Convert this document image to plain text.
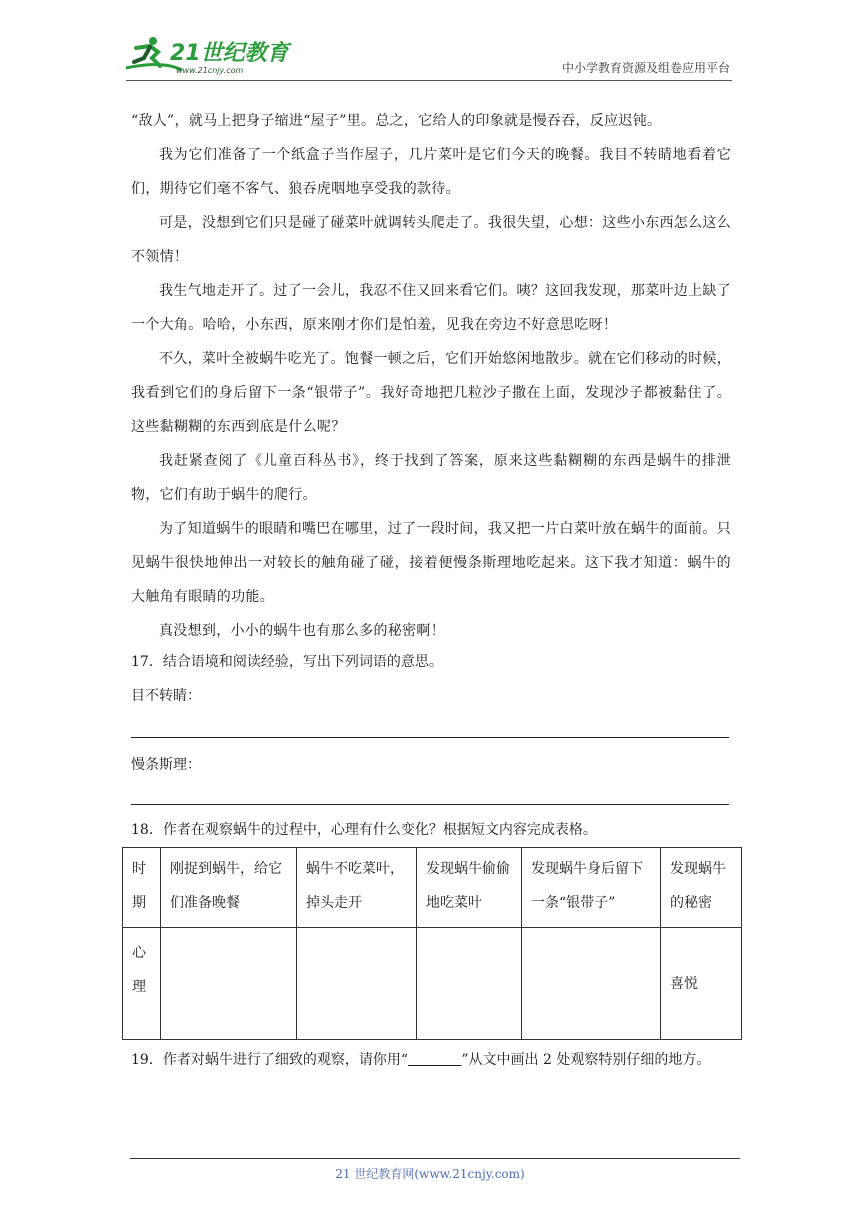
21世纪教育
www.21cnjy.com	中小学教育资源及组卷应用平台

“敌人”，就马上把身子缩进“屋子”里。总之，它给人的印象就是慢吞吞，反应迟钝。

我为它们准备了一个纸盒子当作屋子，几片菜叶是它们今天的晚餐。我目不转睛地看着它们，期待它们毫不客气、狼吞虎咽地享受我的款待。

可是，没想到它们只是碰了碰菜叶就调转头爬走了。我很失望，心想：这些小东西怎么这么不领情！

我生气地走开了。过了一会儿，我忍不住又回来看它们。咦？这回我发现，那菜叶边上缺了一个大角。哈哈，小东西，原来刚才你们是怕羞，见我在旁边不好意思吃呀！

不久，菜叶全被蜗牛吃光了。饱餐一顿之后，它们开始悠闲地散步。就在它们移动的时候，我看到它们的身后留下一条“银带子”。我好奇地把几粒沙子撒在上面，发现沙子都被黏住了。这些黏糊糊的东西到底是什么呢？

我赶紧查阅了《儿童百科丛书》，终于找到了答案，原来这些黏糊糊的东西是蜗牛的排泄物，它们有助于蜗牛的爬行。

为了知道蜗牛的眼睛和嘴巴在哪里，过了一段时间，我又把一片白菜叶放在蜗牛的面前。只见蜗牛很快地伸出一对较长的触角碰了碰，接着便慢条斯理地吃起来。这下我才知道：蜗牛的大触角有眼睛的功能。

真没想到，小小的蜗牛也有那么多的秘密啊！

17．结合语境和阅读经验，写出下列词语的意思。

目不转睛：

慢条斯理：

18．作者在观察蜗牛的过程中，心理有什么变化？根据短文内容完成表格。

时期	刚捉到蜗牛，给它们准备晚餐	蜗牛不吃菜叶，掉头走开	发现蜗牛偷偷地吃菜叶	发现蜗牛身后留下一条“银带子”	发现蜗牛的秘密
心理					喜悦

19．作者对蜗牛进行了细致的观察，请你用“	”从文中画出 2 处观察特别仔细的地方。

21 世纪教育网(www.21cnjy.com)
